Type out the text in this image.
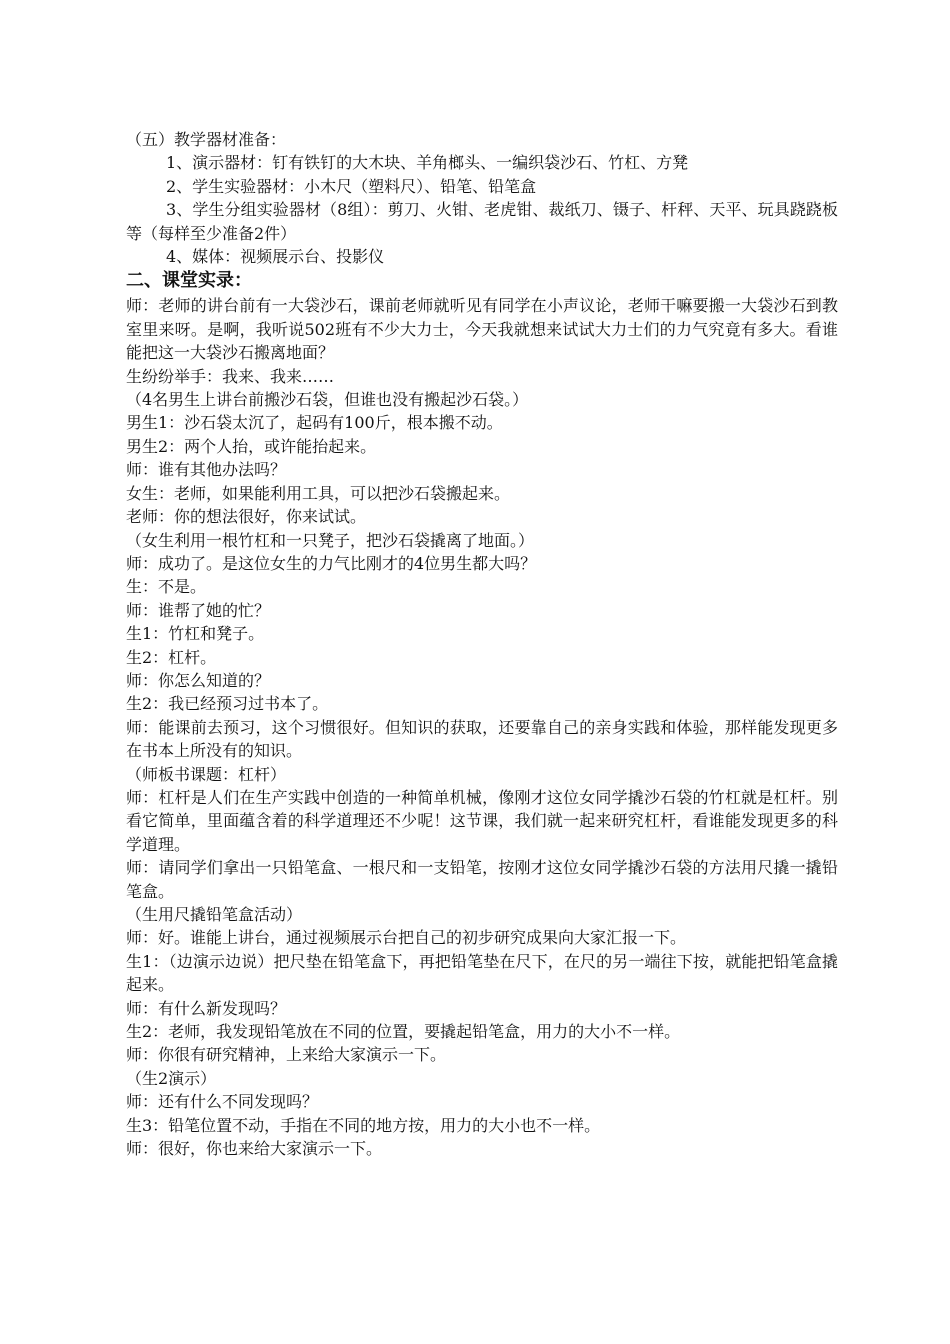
（五）教学器材准备：

1、演示器材：钉有铁钉的大木块、羊角榔头、一编织袋沙石、竹杠、方凳

2、学生实验器材：小木尺（塑料尺）、铅笔、铅笔盒

3、学生分组实验器材（8组）：剪刀、火钳、老虎钳、裁纸刀、镊子、杆秤、天平、玩具跷跷板等（每样至少准备2件）

4、媒体：视频展示台、投影仪

二、课堂实录：

师：老师的讲台前有一大袋沙石，课前老师就听见有同学在小声议论，老师干嘛要搬一大袋沙石到教室里来呀。是啊，我听说502班有不少大力士，今天我就想来试试大力士们的力气究竟有多大。看谁能把这一大袋沙石搬离地面？

生纷纷举手：我来、我来……

（4名男生上讲台前搬沙石袋，但谁也没有搬起沙石袋。）

男生1：沙石袋太沉了，起码有100斤，根本搬不动。

男生2：两个人抬，或许能抬起来。

师：谁有其他办法吗？

女生：老师，如果能利用工具，可以把沙石袋搬起来。

老师：你的想法很好，你来试试。

（女生利用一根竹杠和一只凳子，把沙石袋撬离了地面。）

师：成功了。是这位女生的力气比刚才的4位男生都大吗？

生：不是。

师：谁帮了她的忙？

生1：竹杠和凳子。

生2：杠杆。

师：你怎么知道的？

生2：我已经预习过书本了。

师：能课前去预习，这个习惯很好。但知识的获取，还要靠自己的亲身实践和体验，那样能发现更多在书本上所没有的知识。

（师板书课题：杠杆）

师：杠杆是人们在生产实践中创造的一种简单机械，像刚才这位女同学撬沙石袋的竹杠就是杠杆。别看它简单，里面蕴含着的科学道理还不少呢！这节课，我们就一起来研究杠杆，看谁能发现更多的科学道理。

师：请同学们拿出一只铅笔盒、一根尺和一支铅笔，按刚才这位女同学撬沙石袋的方法用尺撬一撬铅笔盒。

（生用尺撬铅笔盒活动）

师：好。谁能上讲台，通过视频展示台把自己的初步研究成果向大家汇报一下。

生1：（边演示边说）把尺垫在铅笔盒下，再把铅笔垫在尺下，在尺的另一端往下按，就能把铅笔盒撬起来。

师：有什么新发现吗？

生2：老师，我发现铅笔放在不同的位置，要撬起铅笔盒，用力的大小不一样。

师：你很有研究精神，上来给大家演示一下。

（生2演示）

师：还有什么不同发现吗？

生3：铅笔位置不动，手指在不同的地方按，用力的大小也不一样。

师：很好，你也来给大家演示一下。
